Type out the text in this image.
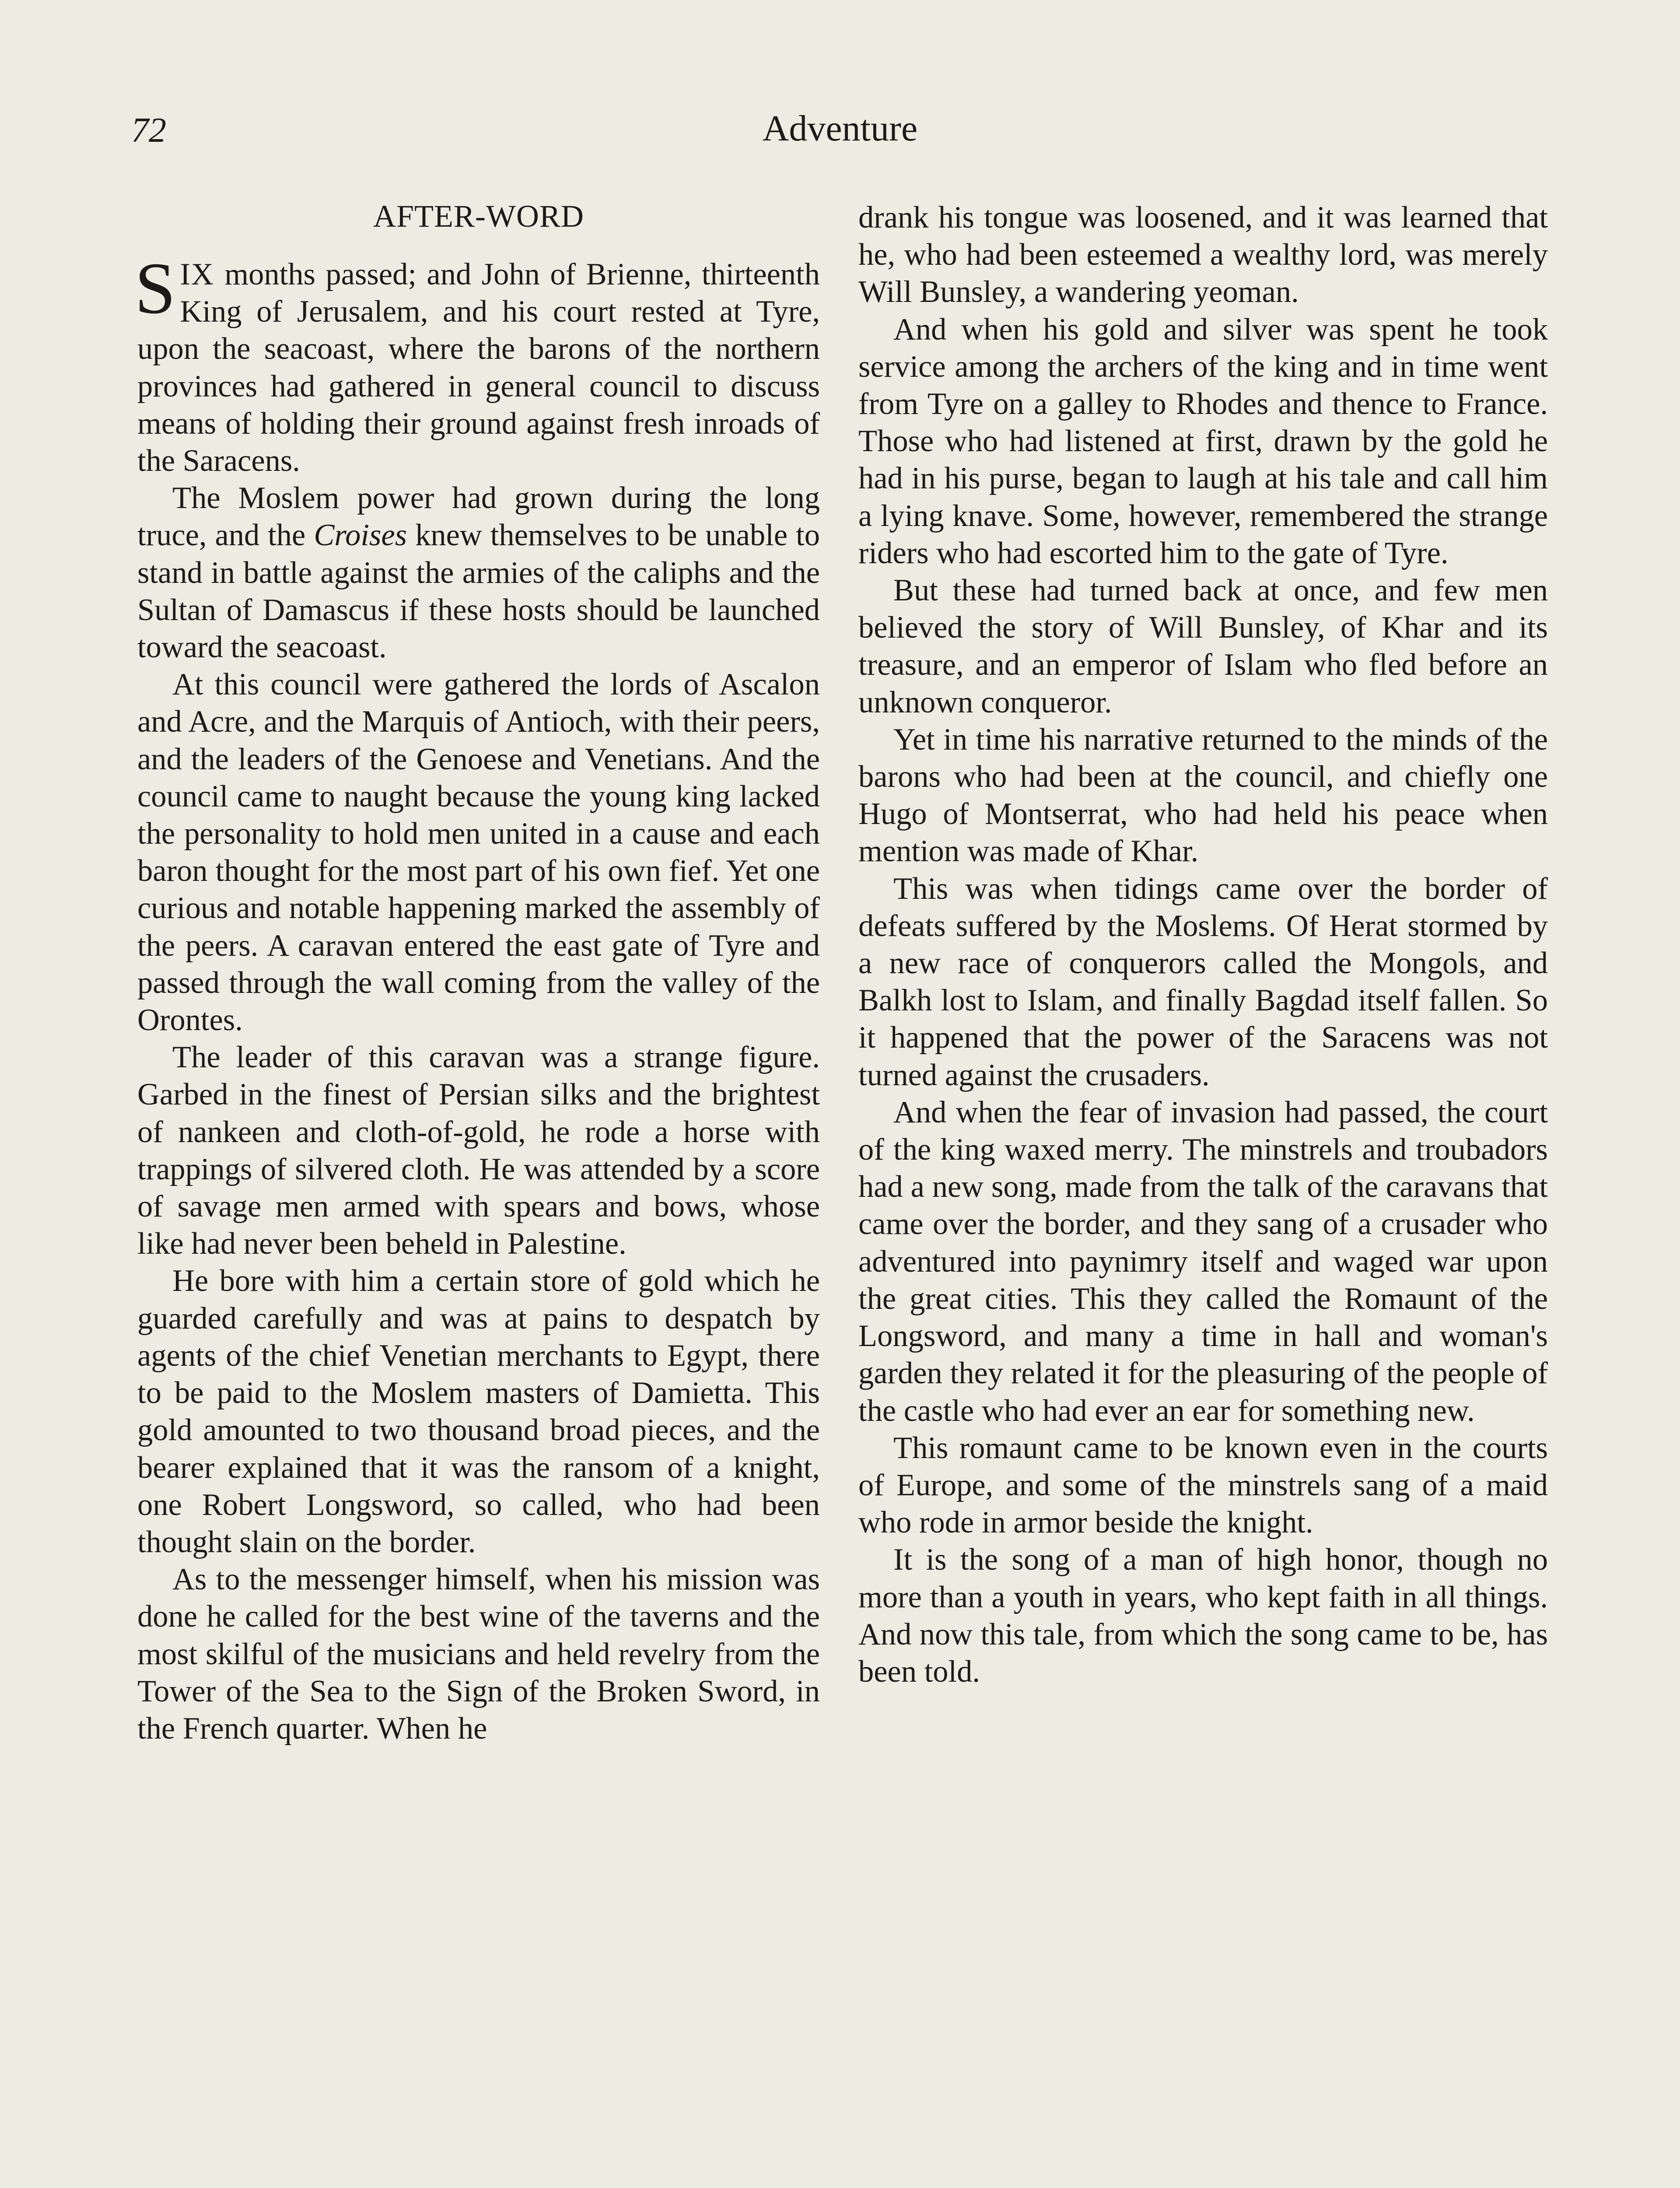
72	Adventure
AFTER-WORD

SIX months passed; and John of Brienne, thirteenth King of Jerusalem, and his court rested at Tyre, upon the seacoast, where the barons of the northern provinces had gathered in general council to discuss means of holding their ground against fresh inroads of the Saracens.

The Moslem power had grown during the long truce, and the Croises knew themselves to be unable to stand in battle against the armies of the caliphs and the Sultan of Damascus if these hosts should be launched toward the seacoast.

At this council were gathered the lords of Ascalon and Acre, and the Marquis of Antioch, with their peers, and the leaders of the Genoese and Venetians. And the council came to naught because the young king lacked the personality to hold men united in a cause and each baron thought for the most part of his own fief. Yet one curious and notable happening marked the assembly of the peers. A caravan entered the east gate of Tyre and passed through the wall coming from the valley of the Orontes.

The leader of this caravan was a strange figure. Garbed in the finest of Persian silks and the brightest of nankeen and cloth-of-gold, he rode a horse with trappings of silvered cloth. He was attended by a score of savage men armed with spears and bows, whose like had never been beheld in Palestine.

He bore with him a certain store of gold which he guarded carefully and was at pains to despatch by agents of the chief Venetian merchants to Egypt, there to be paid to the Moslem masters of Damietta. This gold amounted to two thousand broad pieces, and the bearer explained that it was the ransom of a knight, one Robert Longsword, so called, who had been thought slain on the border.

As to the messenger himself, when his mission was done he called for the best wine of the taverns and the most skilful of the musicians and held revelry from the Tower of the Sea to the Sign of the Broken Sword, in the French quarter. When he

drank his tongue was loosened, and it was learned that he, who had been esteemed a wealthy lord, was merely Will Bunsley, a wandering yeoman.

And when his gold and silver was spent he took service among the archers of the king and in time went from Tyre on a galley to Rhodes and thence to France. Those who had listened at first, drawn by the gold he had in his purse, began to laugh at his tale and call him a lying knave. Some, however, remembered the strange riders who had escorted him to the gate of Tyre.

But these had turned back at once, and few men believed the story of Will Bunsley, of Khar and its treasure, and an emperor of Islam who fled before an unknown conqueror.

Yet in time his narrative returned to the minds of the barons who had been at the council, and chiefly one Hugo of Montserrat, who had held his peace when mention was made of Khar.

This was when tidings came over the border of defeats suffered by the Moslems. Of Herat stormed by a new race of conquerors called the Mongols, and Balkh lost to Islam, and finally Bagdad itself fallen. So it happened that the power of the Saracens was not turned against the crusaders.

And when the fear of invasion had passed, the court of the king waxed merry. The minstrels and troubadors had a new song, made from the talk of the caravans that came over the border, and they sang of a crusader who adventured into paynimry itself and waged war upon the great cities. This they called the Romaunt of the Longsword, and many a time in hall and woman's garden they related it for the pleasuring of the people of the castle who had ever an ear for something new.

This romaunt came to be known even in the courts of Europe, and some of the minstrels sang of a maid who rode in armor beside the knight.

It is the song of a man of high honor, though no more than a youth in years, who kept faith in all things. And now this tale, from which the song came to be, has been told.
